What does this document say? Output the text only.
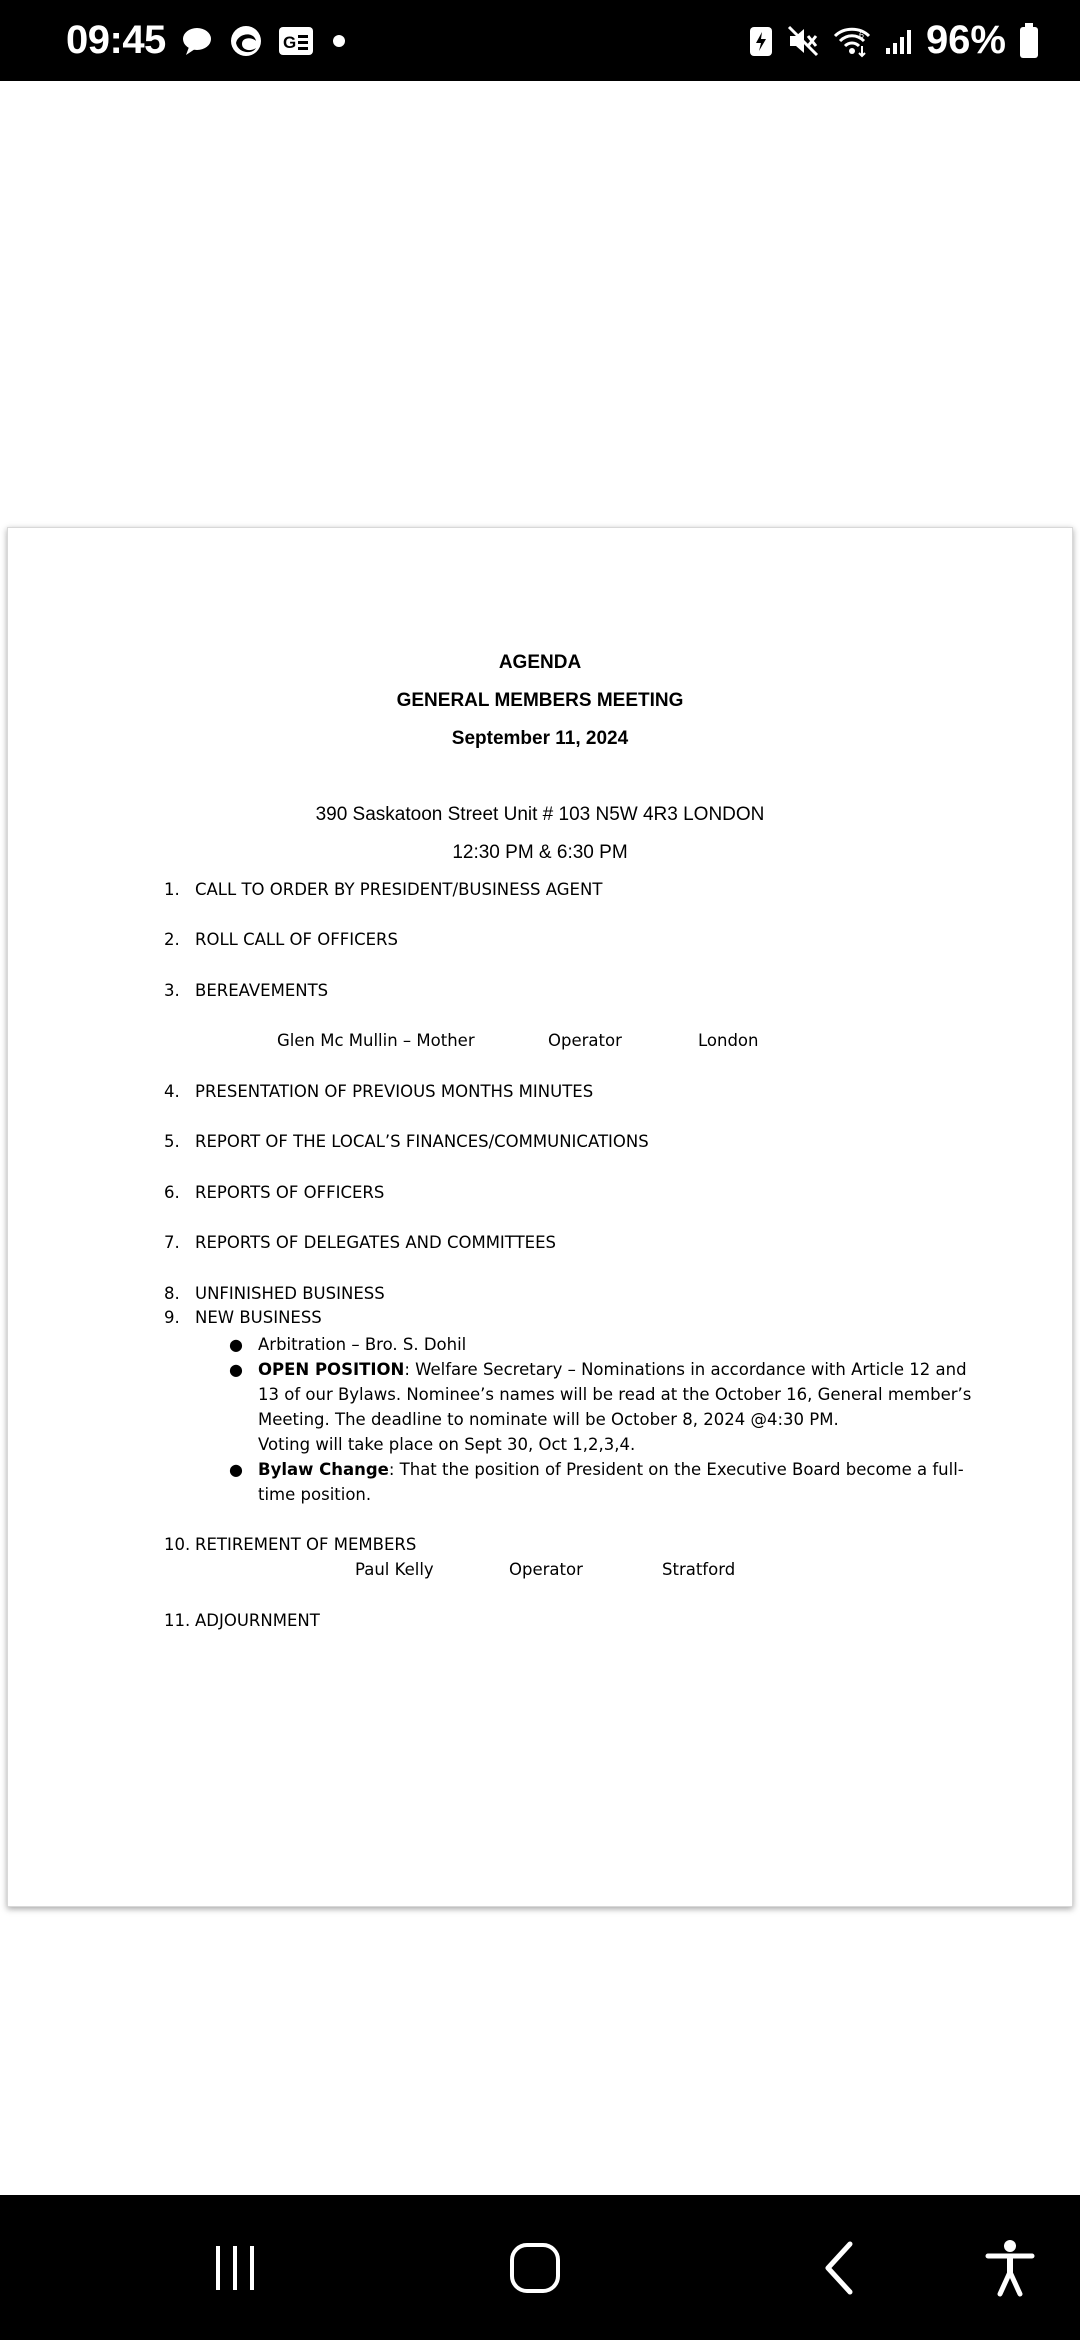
09:45	G	6 96%
AGENDA
GENERAL MEMBERS MEETING
September 11, 2024
390 Saskatoon Street Unit # 103 N5W 4R3 LONDON
12:30 PM & 6:30 PM
1. CALL TO ORDER BY PRESIDENT/BUSINESS AGENT
2. ROLL CALL OF OFFICERS
3. BEREAVEMENTS
Glen Mc Mullin – Mother	Operator	London
4. PRESENTATION OF PREVIOUS MONTHS MINUTES
5. REPORT OF THE LOCAL’S FINANCES/COMMUNICATIONS
6. REPORTS OF OFFICERS
7. REPORTS OF DELEGATES AND COMMITTEES
8. UNFINISHED BUSINESS
9. NEW BUSINESS
● Arbitration – Bro. S. Dohil
● OPEN POSITION: Welfare Secretary – Nominations in accordance with Article 12 and 13 of our Bylaws. Nominee’s names will be read at the October 16, General member’s Meeting. The deadline to nominate will be October 8, 2024 @4:30 PM.
Voting will take place on Sept 30, Oct 1,2,3,4.
● Bylaw Change: That the position of President on the Executive Board become a full-time position.
10. RETIREMENT OF MEMBERS
Paul Kelly	Operator	Stratford
11. ADJOURNMENT
